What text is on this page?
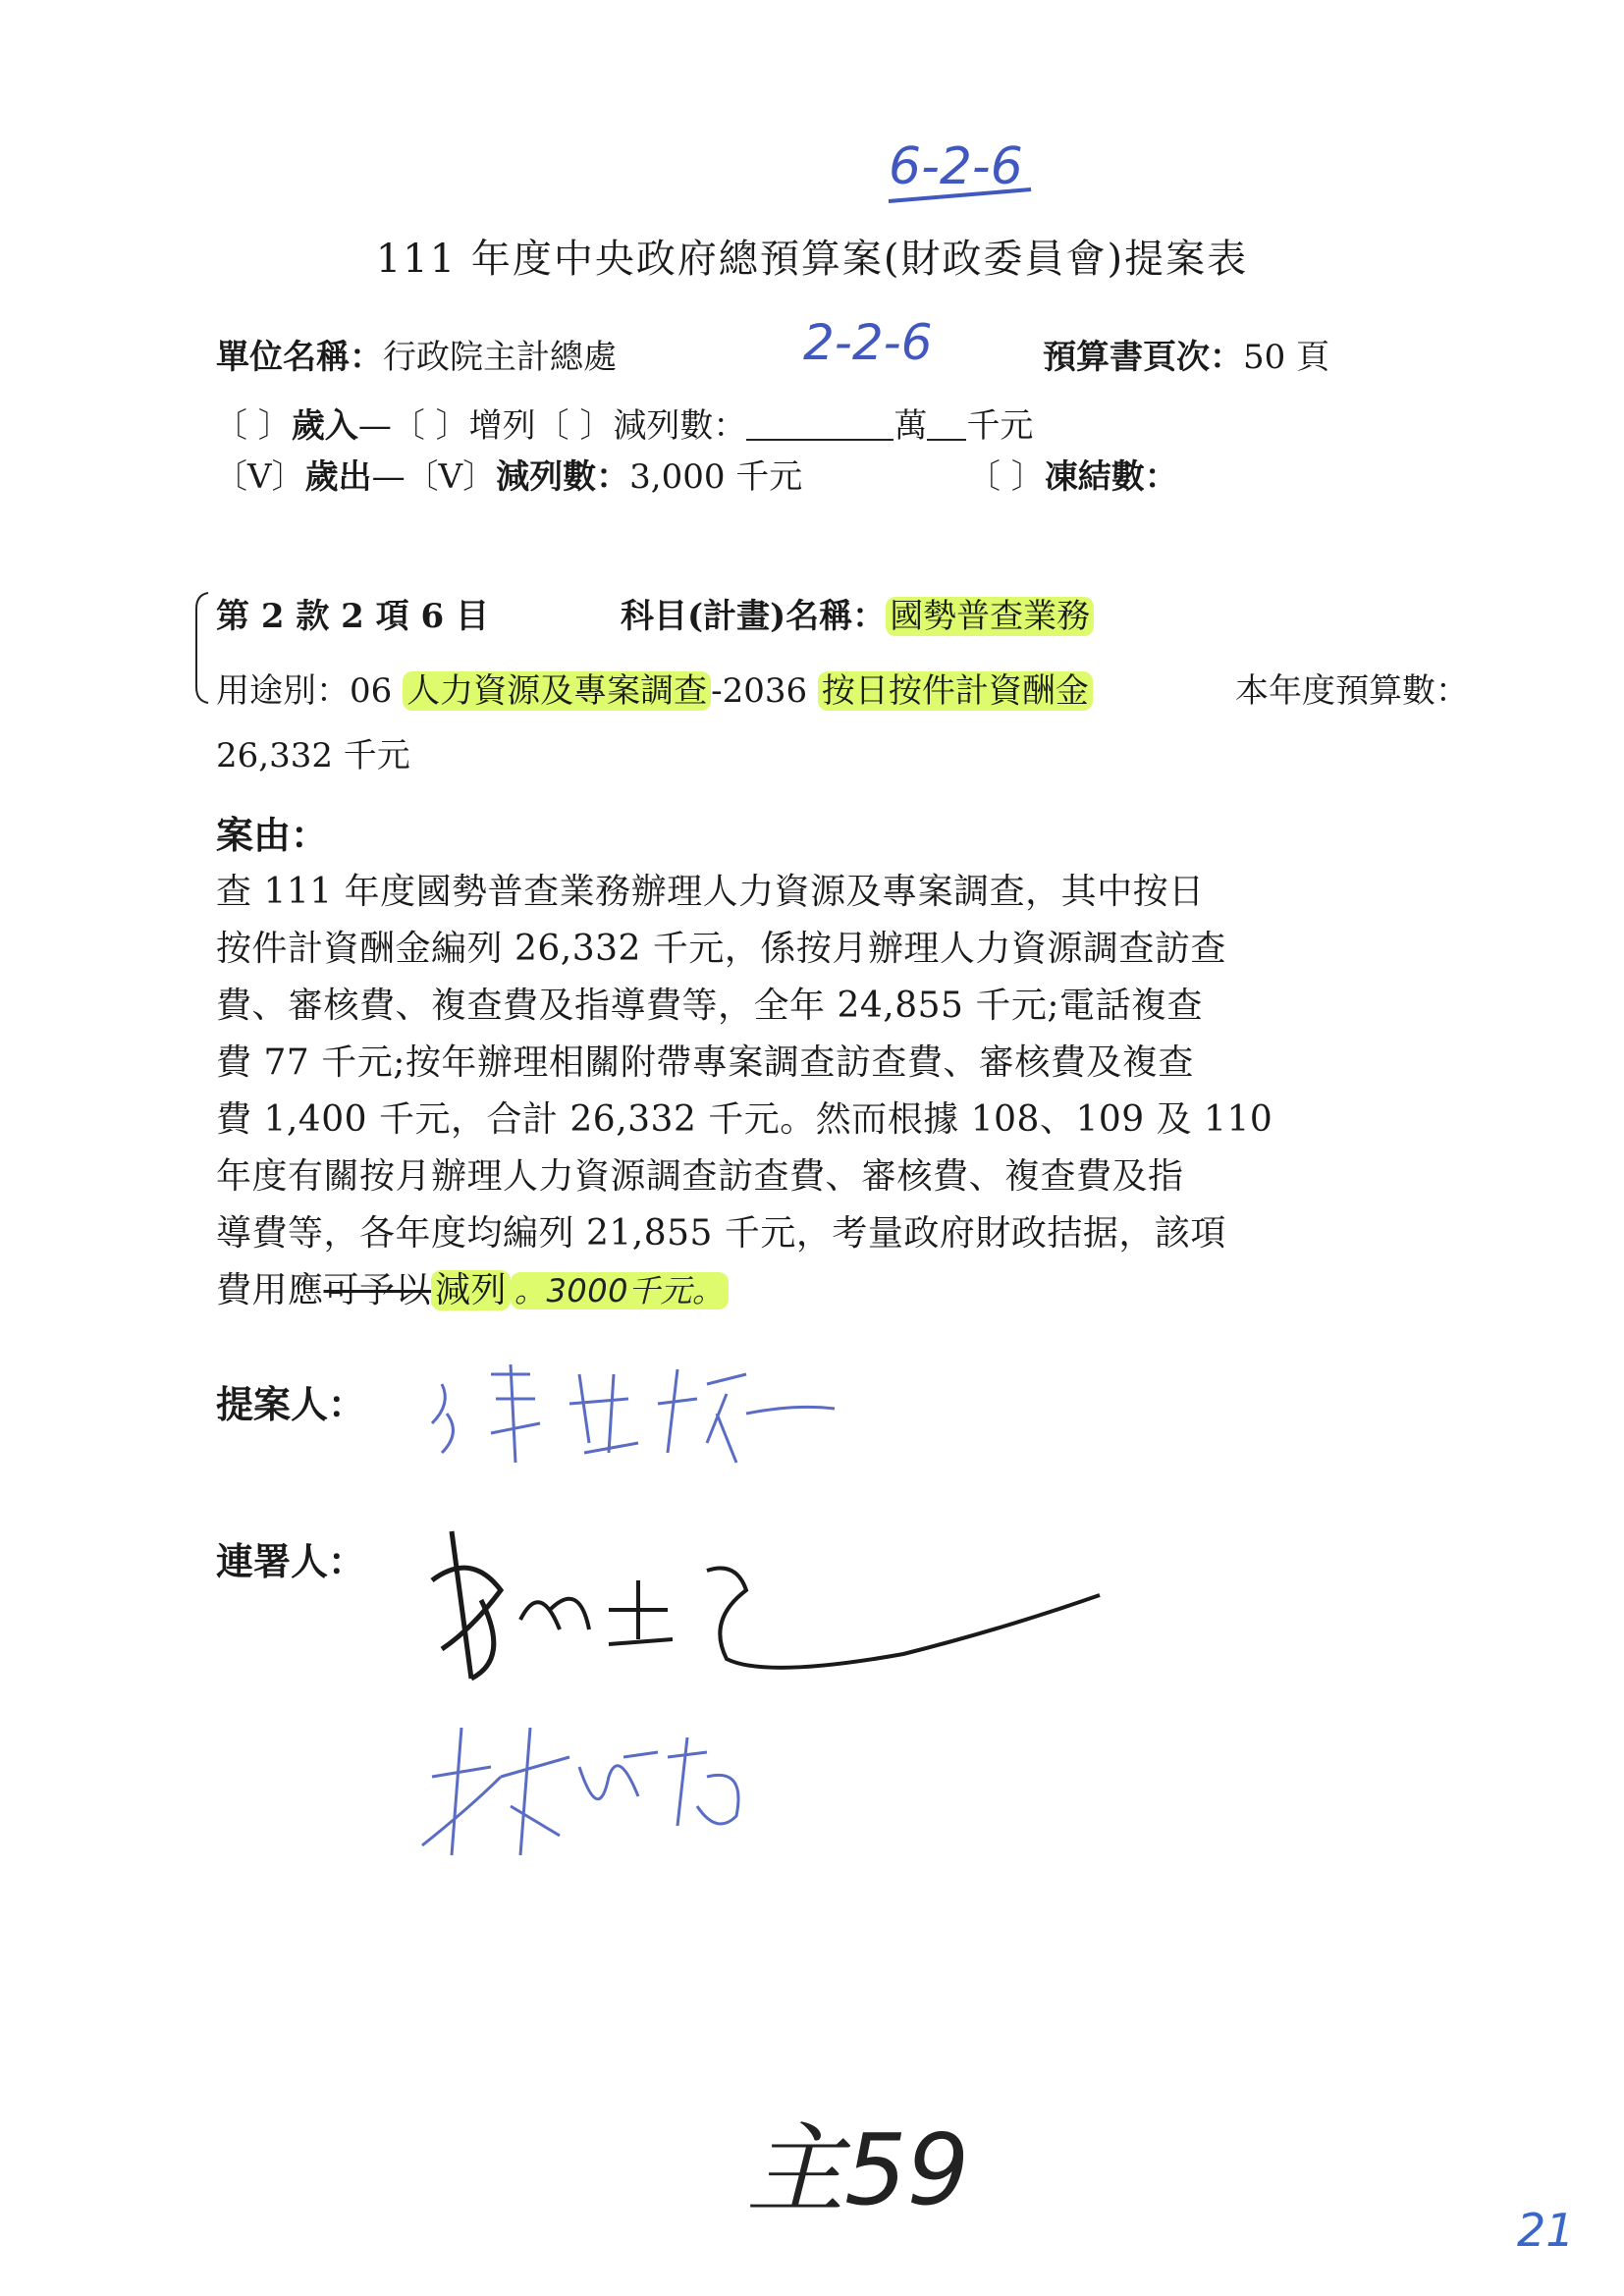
6-2-6
111 年度中央政府總預算案(財政委員會)提案表
單位名稱：行政院主計總處	2-2-6	預算書頁次：50 頁
〔 〕歲入—〔 〕增列〔 〕減列數：	萬 千元
〔V〕歲出—〔V〕減列數：3,000 千元	〔 〕凍結數：
第 2 款 2 項 6 目	科目(計畫)名稱： 國勢普查業務
用途別：06 人力資源及專案調查 -2036 按日按件計資酬金	本年度預算數：
26,332 千元
案由：
查 111 年度國勢普查業務辦理人力資源及專案調查，其中按日
按件計資酬金編列 26,332 千元，係按月辦理人力資源調查訪查
費、審核費、複查費及指導費等，全年 24,855 千元;電話複查
費 77 千元;按年辦理相關附帶專案調查訪查費、審核費及複查
費 1,400 千元，合計 26,332 千元。然而根據 108、109 及 110
年度有關按月辦理人力資源調查訪查費、審核費、複查費及指
導費等，各年度均編列 21,855 千元，考量政府財政拮据，該項
費用應可予以 減列 。3000千元。
提案人：
連署人：
主59
21
